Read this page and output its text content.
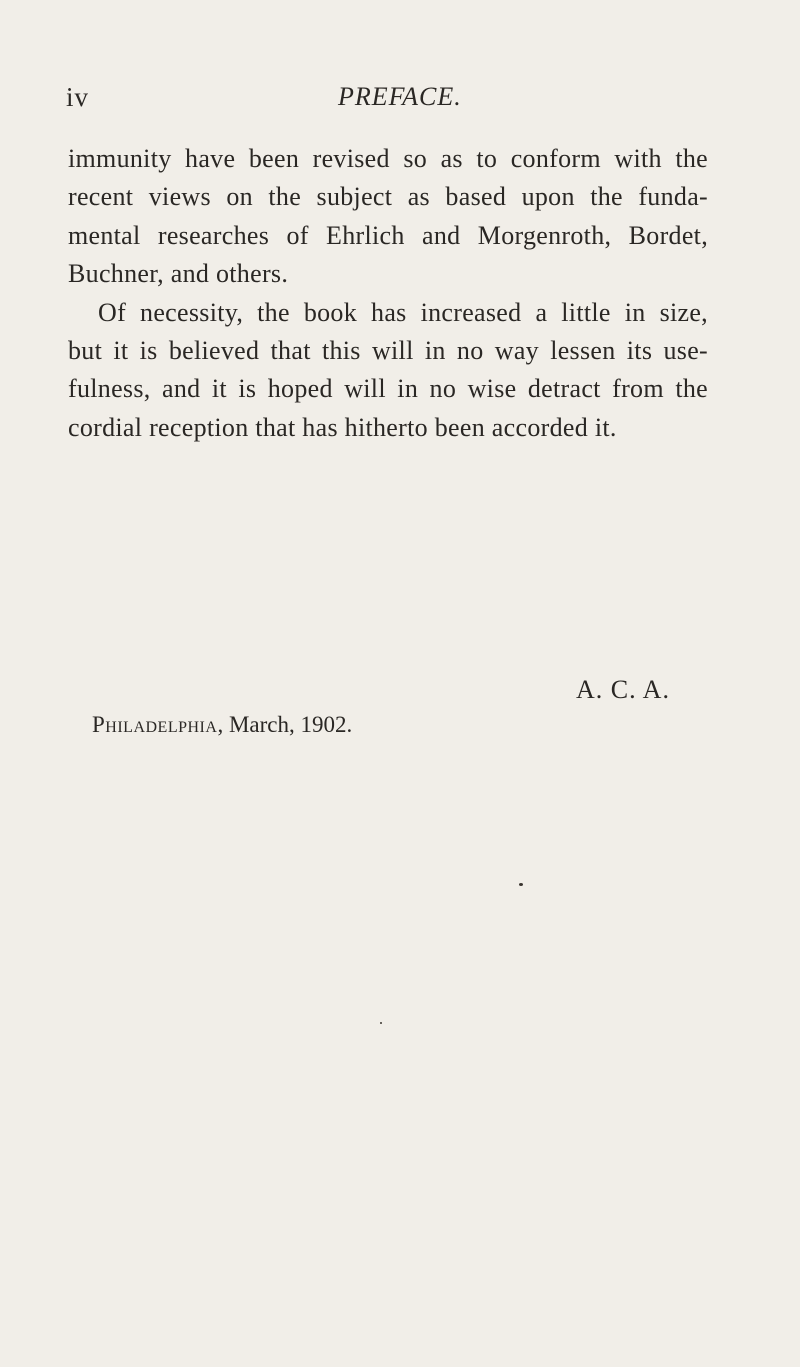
iv	PREFACE.
immunity have been revised so as to conform with the
recent views on the subject as based upon the funda-
mental researches of Ehrlich and Morgenroth, Bordet,
Buchner, and others.
Of necessity, the book has increased a little in size,
but it is believed that this will in no way lessen its use-
fulness, and it is hoped will in no wise detract from the
cordial reception that has hitherto been accorded it.
A. C. A.
Philadelphia, March, 1902.
